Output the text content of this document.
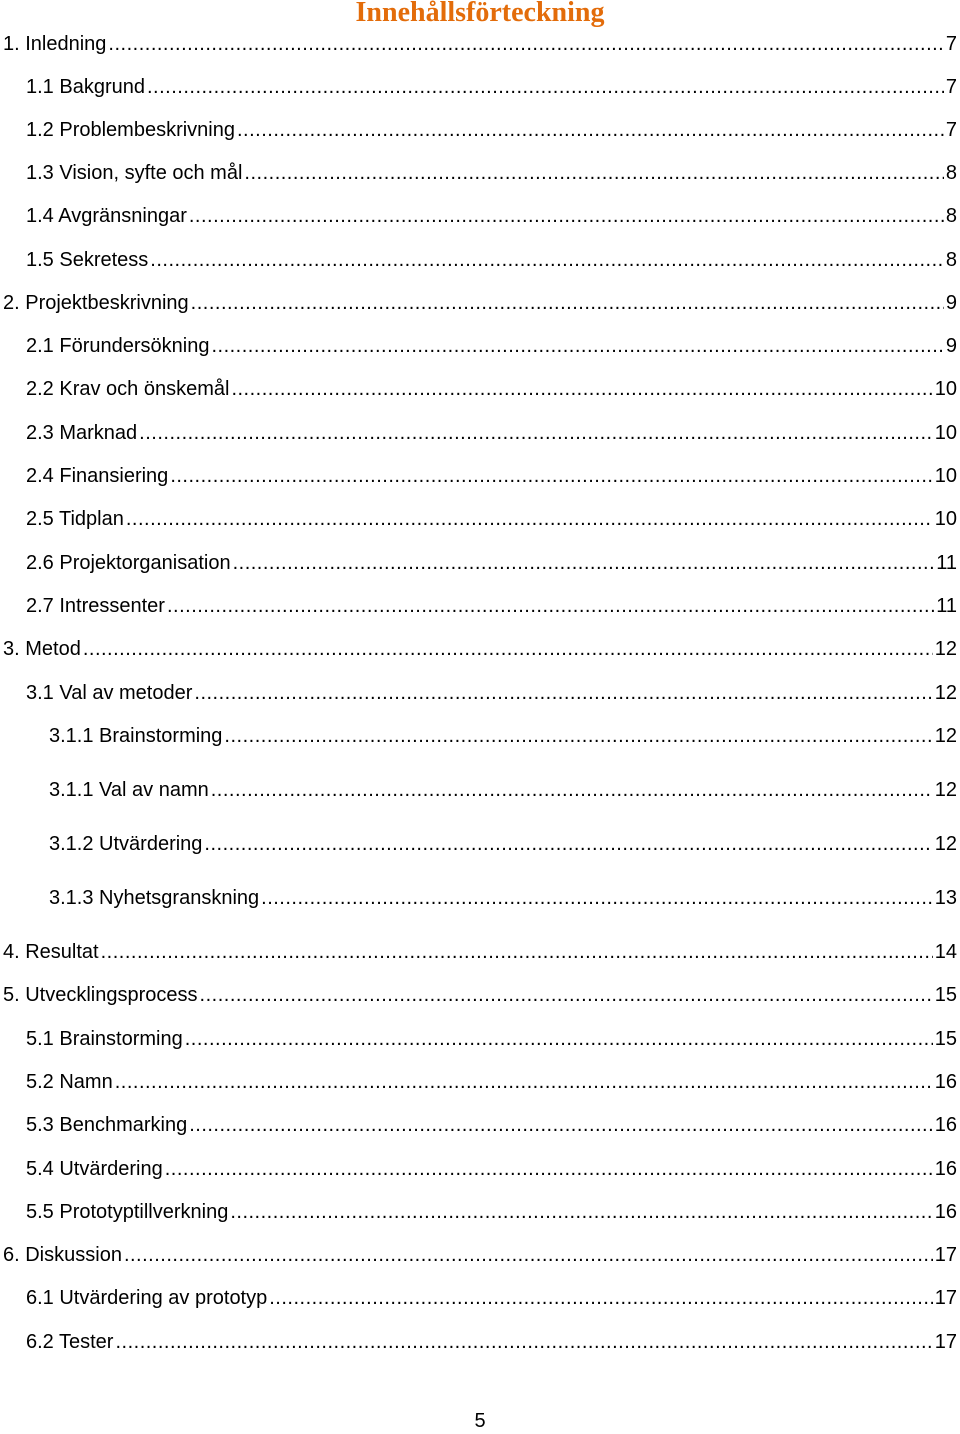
Innehållsförteckning
1. Inledning .....	7
1.1 Bakgrund .....	7
1.2 Problembeskrivning .....	7
1.3 Vision, syfte och mål .....	8
1.4 Avgränsningar .....	8
1.5 Sekretess .....	8
2. Projektbeskrivning .....	9
2.1 Förundersökning .....	9
2.2 Krav och önskemål .....	10
2.3 Marknad .....	10
2.4 Finansiering .....	10
2.5 Tidplan .....	10
2.6 Projektorganisation .....	11
2.7 Intressenter .....	11
3. Metod .....	12
3.1 Val av metoder .....	12
3.1.1 Brainstorming .....	12
3.1.1 Val av namn .....	12
3.1.2 Utvärdering .....	12
3.1.3 Nyhetsgranskning .....	13
4. Resultat .....	14
5. Utvecklingsprocess .....	15
5.1 Brainstorming .....	15
5.2 Namn .....	16
5.3 Benchmarking .....	16
5.4 Utvärdering .....	16
5.5 Prototyptillverkning .....	16
6. Diskussion .....	17
6.1 Utvärdering av prototyp .....	17
6.2 Tester .....	17
5
